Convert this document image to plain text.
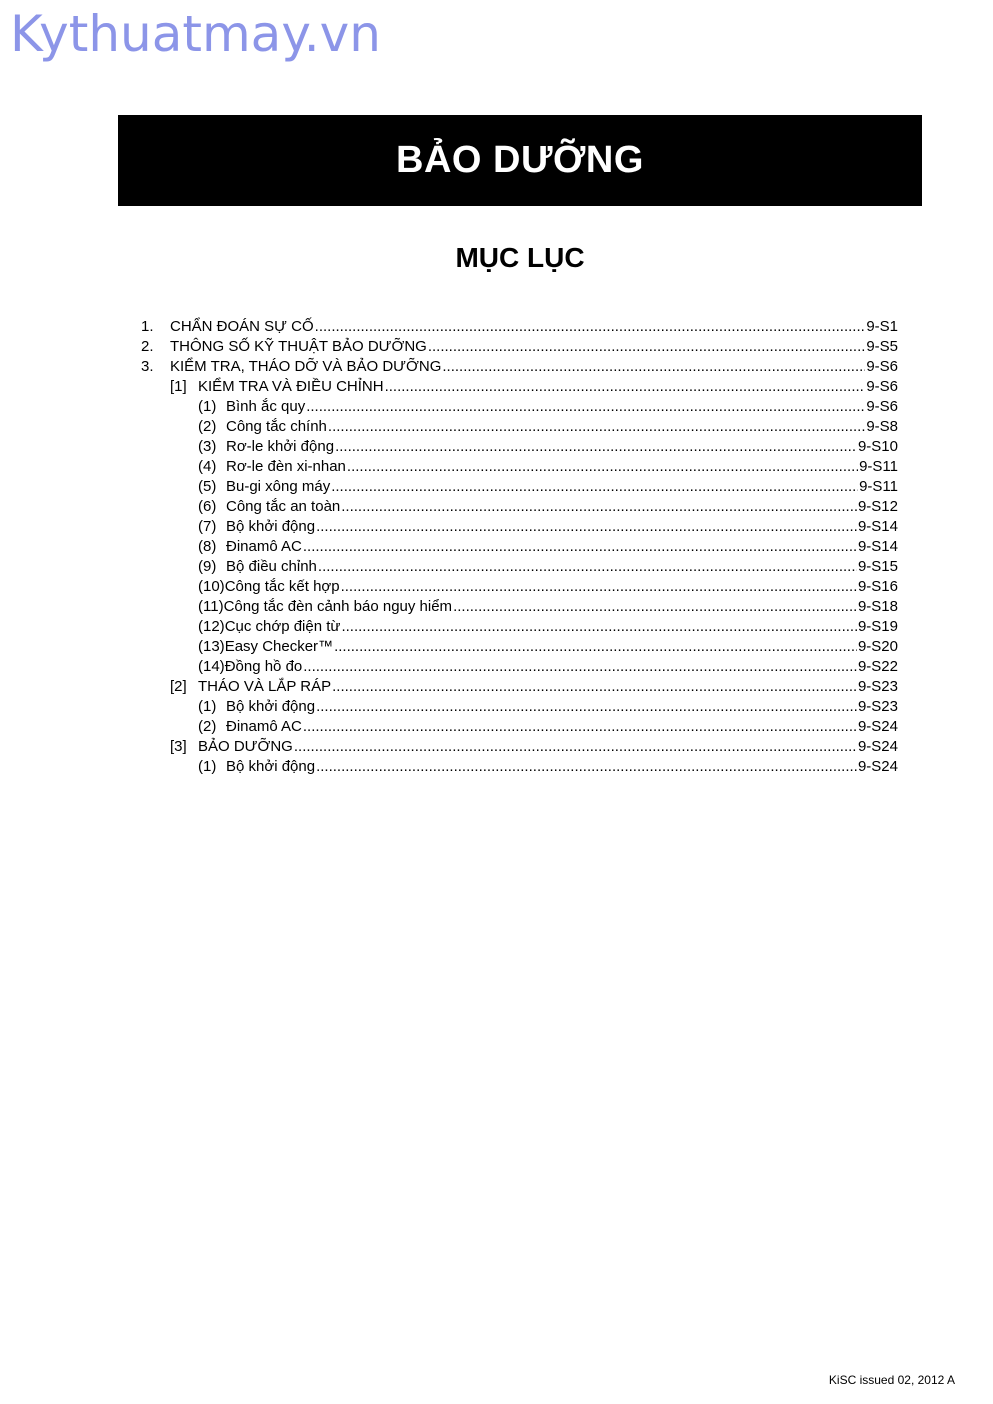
Kythuatmay.vn
BẢO DƯỠNG
MỤC LỤC
1.	CHẨN ĐOÁN SỰ CỐ .....	9-S1
2.	THÔNG SỐ KỸ THUẬT BẢO DƯỠNG .....	9-S5
3.	KIỂM TRA, THÁO DỠ VÀ BẢO DƯỠNG .....	9-S6
[1] KIỂM TRA VÀ ĐIỀU CHỈNH .....	9-S6
(1) Bình ắc quy .....	9-S6
(2) Công tắc chính .....	9-S8
(3) Rơ-le khởi động .....	9-S10
(4) Rơ-le đèn xi-nhan .....	9-S11
(5) Bu-gi xông máy .....	9-S11
(6) Công tắc an toàn .....	9-S12
(7) Bộ khởi động .....	9-S14
(8) Đinamô AC .....	9-S14
(9) Bộ điều chỉnh .....	9-S15
(10) Công tắc kết hợp .....	9-S16
(11) Công tắc đèn cảnh báo nguy hiểm .....	9-S18
(12) Cục chớp điện từ .....	9-S19
(13) Easy Checker™ .....	9-S20
(14) Đồng hồ đo .....	9-S22
[2] THÁO VÀ LẮP RÁP .....	9-S23
(1) Bộ khởi động .....	9-S23
(2) Đinamô AC .....	9-S24
[3] BẢO DƯỠNG .....	9-S24
(1) Bộ khởi động .....	9-S24
KiSC issued 02, 2012 A
